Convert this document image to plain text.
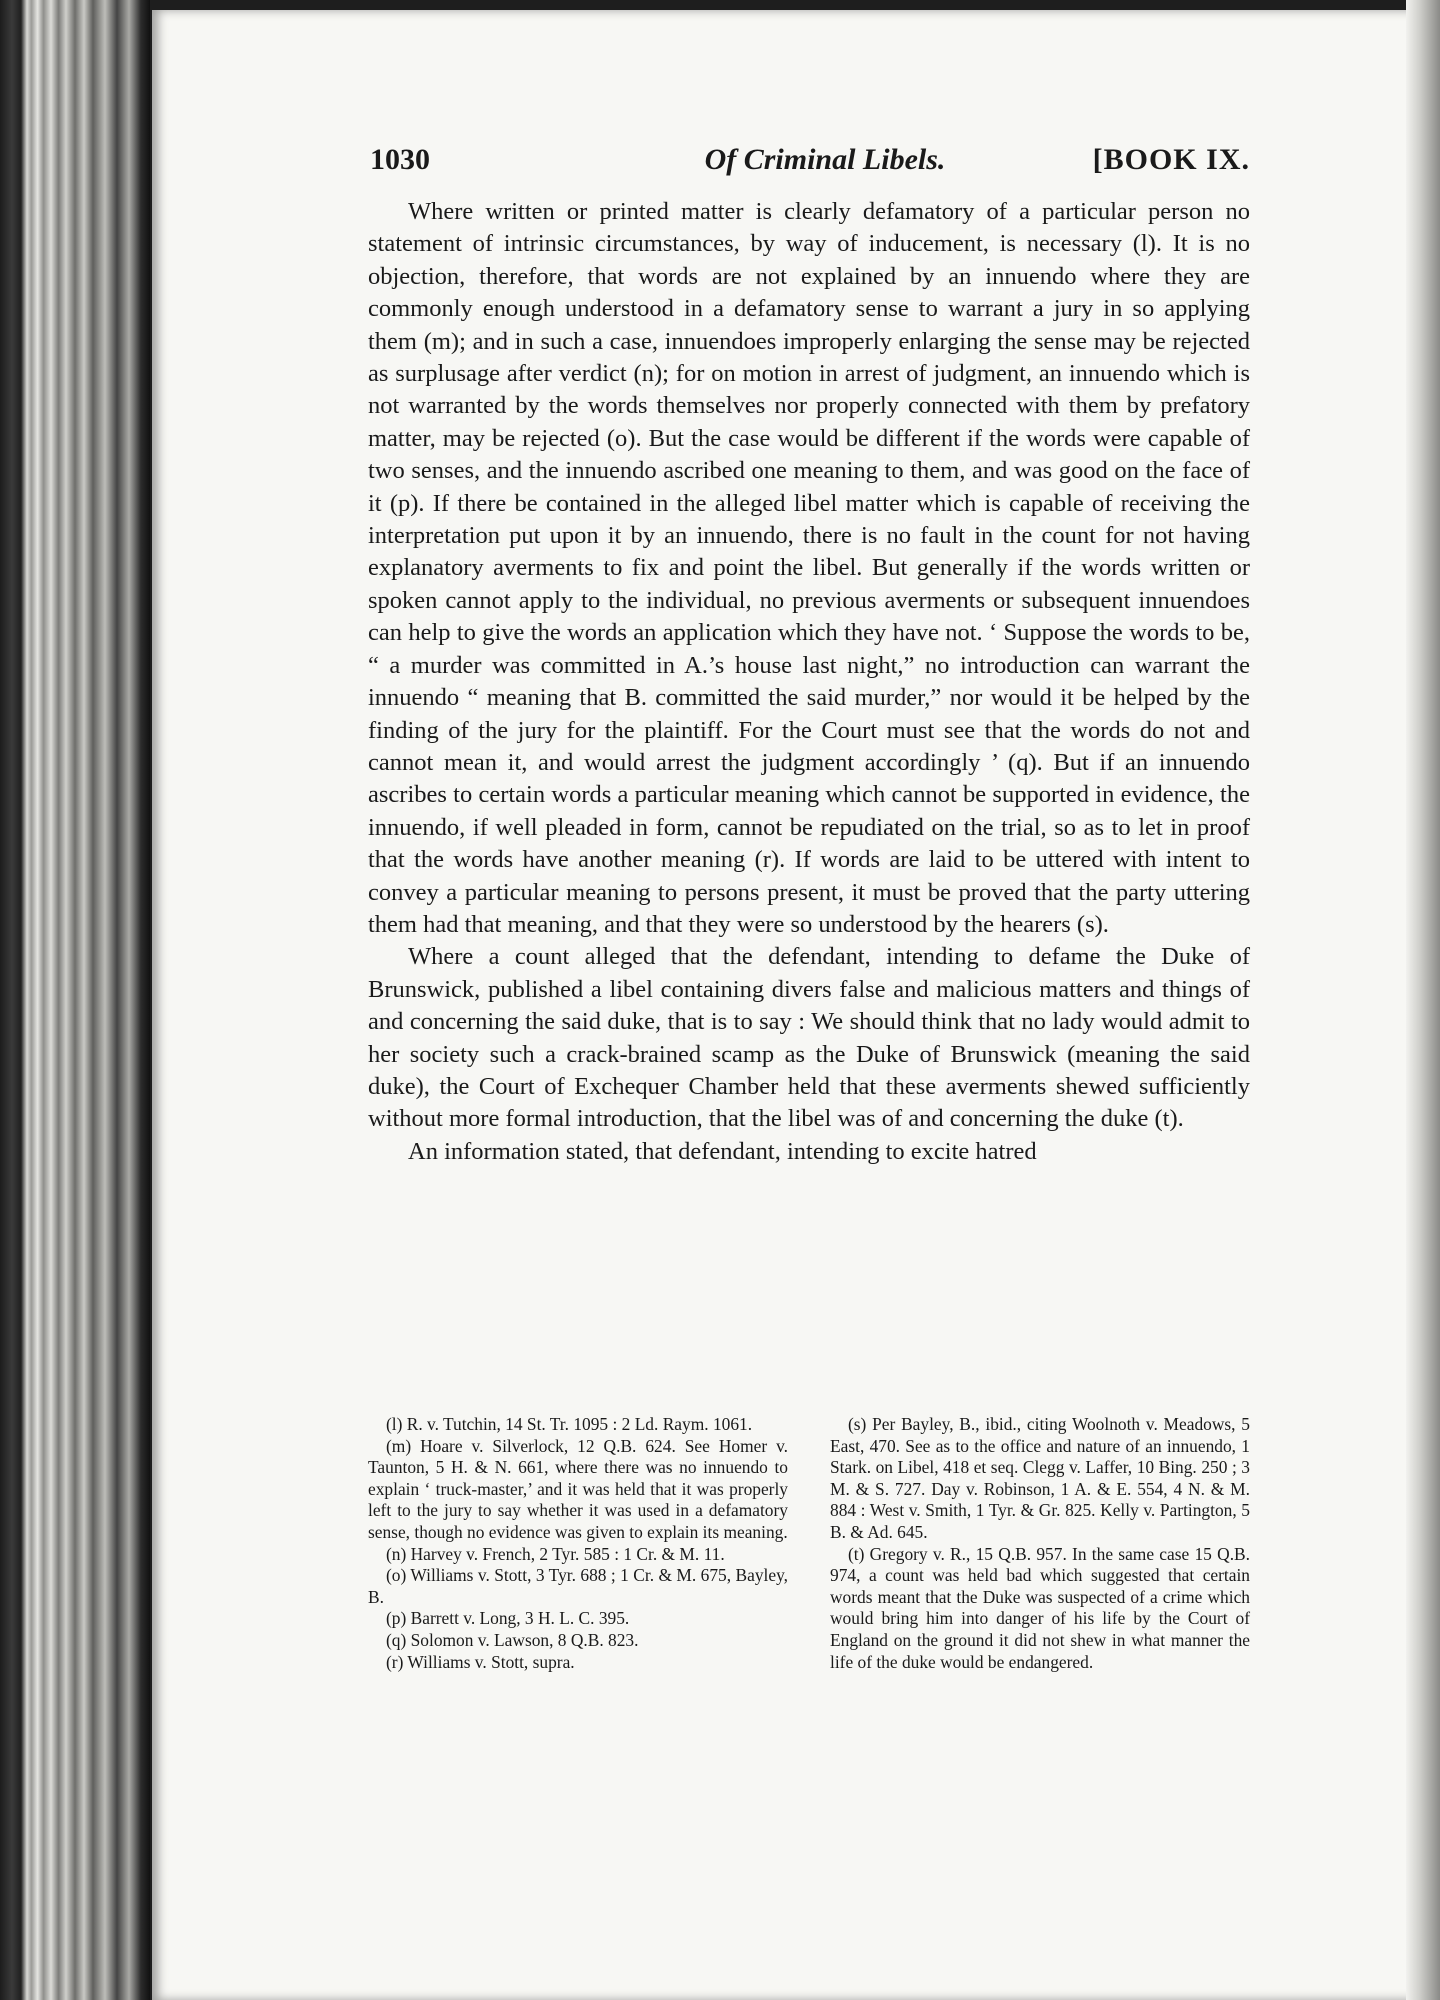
1030	Of Criminal Libels.	[BOOK IX.

Where written or printed matter is clearly defamatory of a particular person no statement of intrinsic circumstances, by way of inducement, is necessary (l). It is no objection, therefore, that words are not explained by an innuendo where they are commonly enough understood in a defamatory sense to warrant a jury in so applying them (m); and in such a case, innuendoes improperly enlarging the sense may be rejected as surplusage after verdict (n); for on motion in arrest of judgment, an innuendo which is not warranted by the words themselves nor properly connected with them by prefatory matter, may be rejected (o). But the case would be different if the words were capable of two senses, and the innuendo ascribed one meaning to them, and was good on the face of it (p). If there be contained in the alleged libel matter which is capable of receiving the interpretation put upon it by an innuendo, there is no fault in the count for not having explanatory averments to fix and point the libel. But generally if the words written or spoken cannot apply to the individual, no previous averments or subsequent innuendoes can help to give the words an application which they have not. ‘ Suppose the words to be, “ a murder was committed in A.’s house last night,” no introduction can warrant the innuendo “ meaning that B. committed the said murder,” nor would it be helped by the finding of the jury for the plaintiff. For the Court must see that the words do not and cannot mean it, and would arrest the judgment accordingly ’ (q). But if an innuendo ascribes to certain words a particular meaning which cannot be supported in evidence, the innuendo, if well pleaded in form, cannot be repudiated on the trial, so as to let in proof that the words have another meaning (r). If words are laid to be uttered with intent to convey a particular meaning to persons present, it must be proved that the party uttering them had that meaning, and that they were so understood by the hearers (s).

Where a count alleged that the defendant, intending to defame the Duke of Brunswick, published a libel containing divers false and malicious matters and things of and concerning the said duke, that is to say : We should think that no lady would admit to her society such a crack-brained scamp as the Duke of Brunswick (meaning the said duke), the Court of Exchequer Chamber held that these averments shewed sufficiently without more formal introduction, that the libel was of and concerning the duke (t).

An information stated, that defendant, intending to excite hatred

(l) R. v. Tutchin, 14 St. Tr. 1095 : 2 Ld. Raym. 1061.

(m) Hoare v. Silverlock, 12 Q.B. 624. See Homer v. Taunton, 5 H. & N. 661, where there was no innuendo to explain ‘ truck-master,’ and it was held that it was properly left to the jury to say whether it was used in a defamatory sense, though no evidence was given to explain its meaning.

(n) Harvey v. French, 2 Tyr. 585 : 1 Cr. & M. 11.

(o) Williams v. Stott, 3 Tyr. 688 ; 1 Cr. & M. 675, Bayley, B.

(p) Barrett v. Long, 3 H. L. C. 395.

(q) Solomon v. Lawson, 8 Q.B. 823.

(r) Williams v. Stott, supra.

(s) Per Bayley, B., ibid., citing Woolnoth v. Meadows, 5 East, 470. See as to the office and nature of an innuendo, 1 Stark. on Libel, 418 et seq. Clegg v. Laffer, 10 Bing. 250 ; 3 M. & S. 727. Day v. Robinson, 1 A. & E. 554, 4 N. & M. 884 : West v. Smith, 1 Tyr. & Gr. 825. Kelly v. Partington, 5 B. & Ad. 645.

(t) Gregory v. R., 15 Q.B. 957. In the same case 15 Q.B. 974, a count was held bad which suggested that certain words meant that the Duke was suspected of a crime which would bring him into danger of his life by the Court of England on the ground it did not shew in what manner the life of the duke would be endangered.
